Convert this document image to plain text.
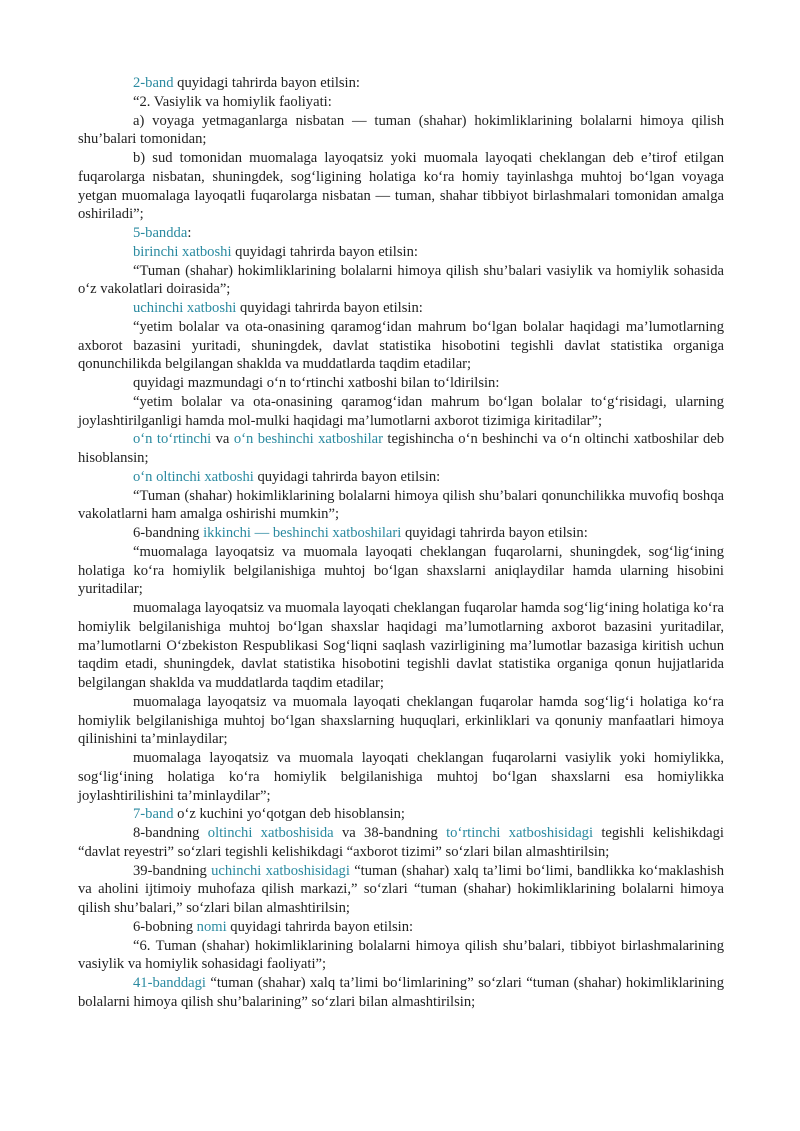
2-band quyidagi tahrirda bayon etilsin:

“2. Vasiylik va homiylik faoliyati:

a) voyaga yetmaganlarga nisbatan — tuman (shahar) hokimliklarining bolalarni himoya qilish shu’balari tomonidan;

b) sud tomonidan muomalaga layoqatsiz yoki muomala layoqati cheklangan deb e’tirof etilgan fuqarolarga nisbatan, shuningdek, sog‘ligining holatiga ko‘ra homiy tayinlashga muhtoj bo‘lgan voyaga yetgan muomalaga layoqatli fuqarolarga nisbatan — tuman, shahar tibbiyot birlashmalari tomonidan amalga oshiriladi”;

5-bandda:

birinchi xatboshi quyidagi tahrirda bayon etilsin:

“Tuman (shahar) hokimliklarining bolalarni himoya qilish shu’balari vasiylik va homiylik sohasida o‘z vakolatlari doirasida”;

uchinchi xatboshi quyidagi tahrirda bayon etilsin:

“yetim bolalar va ota-onasining qaramog‘idan mahrum bo‘lgan bolalar haqidagi ma’lumotlarning axborot bazasini yuritadi, shuningdek, davlat statistika hisobotini tegishli davlat statistika organiga qonunchilikda belgilangan shaklda va muddatlarda taqdim etadilar;

quyidagi mazmundagi o‘n to‘rtinchi xatboshi bilan to‘ldirilsin:

“yetim bolalar va ota-onasining qaramog‘idan mahrum bo‘lgan bolalar to‘g‘risidagi, ularning joylashtirilganligi hamda mol-mulki haqidagi ma’lumotlarni axborot tizimiga kiritadilar”;

o‘n to‘rtinchi va o‘n beshinchi xatboshilar tegishincha o‘n beshinchi va o‘n oltinchi xatboshilar deb hisoblansin;

o‘n oltinchi xatboshi quyidagi tahrirda bayon etilsin:

“Tuman (shahar) hokimliklarining bolalarni himoya qilish shu’balari qonunchilikka muvofiq boshqa vakolatlarni ham amalga oshirishi mumkin”;

6-bandning ikkinchi — beshinchi xatboshilari quyidagi tahrirda bayon etilsin:

“muomalaga layoqatsiz va muomala layoqati cheklangan fuqarolarni, shuningdek, sog‘lig‘ining holatiga ko‘ra homiylik belgilanishiga muhtoj bo‘lgan shaxslarni aniqlaydilar hamda ularning hisobini yuritadilar;

muomalaga layoqatsiz va muomala layoqati cheklangan fuqarolar hamda sog‘lig‘ining holatiga ko‘ra homiylik belgilanishiga muhtoj bo‘lgan shaxslar haqidagi ma’lumotlarning axborot bazasini yuritadilar, ma’lumotlarni O‘zbekiston Respublikasi Sog‘liqni saqlash vazirligining ma’lumotlar bazasiga kiritish uchun taqdim etadi, shuningdek, davlat statistika hisobotini tegishli davlat statistika organiga qonun hujjatlarida belgilangan shaklda va muddatlarda taqdim etadilar;

muomalaga layoqatsiz va muomala layoqati cheklangan fuqarolar hamda sog‘lig‘i holatiga ko‘ra homiylik belgilanishiga muhtoj bo‘lgan shaxslarning huquqlari, erkinliklari va qonuniy manfaatlari himoya qilinishini ta’minlaydilar;

muomalaga layoqatsiz va muomala layoqati cheklangan fuqarolarni vasiylik yoki homiylikka, sog‘lig‘ining holatiga ko‘ra homiylik belgilanishiga muhtoj bo‘lgan shaxslarni esa homiylikka joylashtirilishini ta’minlaydilar”;

7-band o‘z kuchini yo‘qotgan deb hisoblansin;

8-bandning oltinchi xatboshisida va 38-bandning to‘rtinchi xatboshisidagi tegishli kelishikdagi “davlat reyestri” so‘zlari tegishli kelishikdagi “axborot tizimi” so‘zlari bilan almashtirilsin;

39-bandning uchinchi xatboshisidagi “tuman (shahar) xalq ta’limi bo‘limi, bandlikka ko‘maklashish va aholini ijtimoiy muhofaza qilish markazi,” so‘zlari “tuman (shahar) hokimliklarining bolalarni himoya qilish shu’balari,” so‘zlari bilan almashtirilsin;

6-bobning nomi quyidagi tahrirda bayon etilsin:

“6. Tuman (shahar) hokimliklarining bolalarni himoya qilish shu’balari, tibbiyot birlashmalarining vasiylik va homiylik sohasidagi faoliyati”;

41-banddagi “tuman (shahar) xalq ta’limi bo‘limlarining” so‘zlari “tuman (shahar) hokimliklarining bolalarni himoya qilish shu’balarining” so‘zlari bilan almashtirilsin;
